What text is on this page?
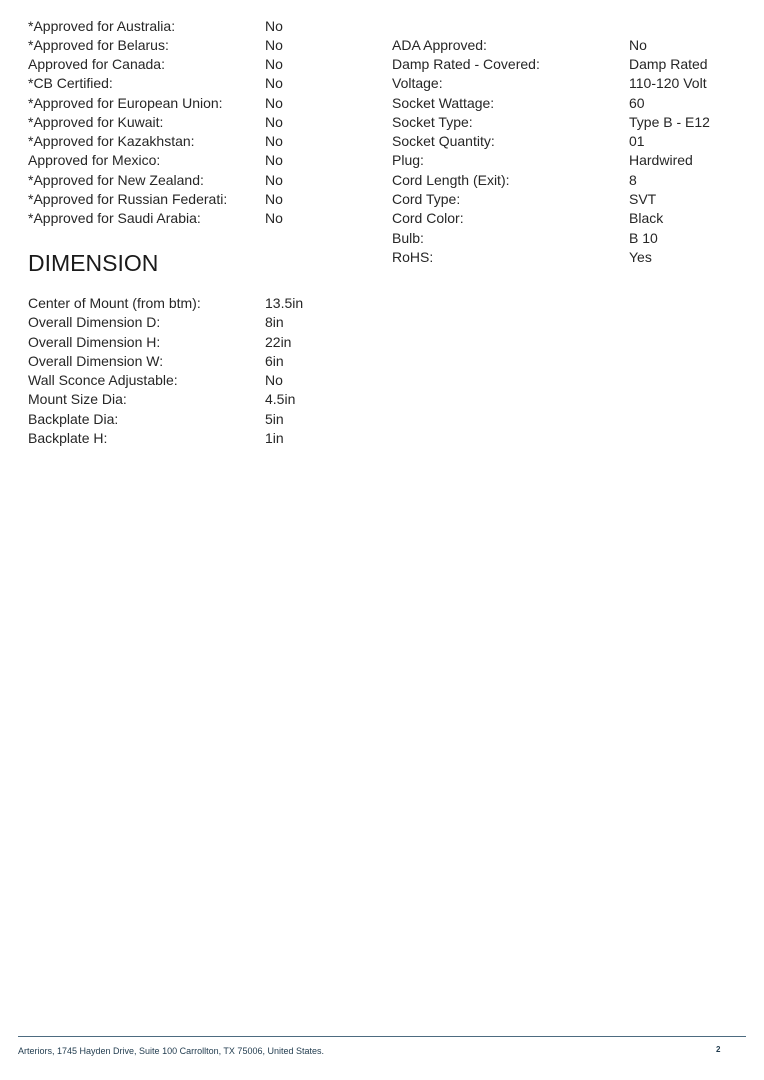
*Approved for Australia:	No
*Approved for Belarus:	No
Approved for Canada:	No
*CB Certified:	No
*Approved for European Union:	No
*Approved for Kuwait:	No
*Approved for Kazakhstan:	No
Approved for Mexico:	No
*Approved for New Zealand:	No
*Approved for Russian Federati:	No
*Approved for Saudi Arabia:	No
ADA Approved:	No
Damp Rated - Covered:	Damp Rated
Voltage:	110-120 Volt
Socket Wattage:	60
Socket Type:	Type B - E12
Socket Quantity:	01
Plug:	Hardwired
Cord Length (Exit):	8
Cord Type:	SVT
Cord Color:	Black
Bulb:	B 10
RoHS:	Yes
DIMENSION
Center of Mount (from btm):	13.5in
Overall Dimension D:	8in
Overall Dimension H:	22in
Overall Dimension W:	6in
Wall Sconce Adjustable:	No
Mount Size Dia:	4.5in
Backplate Dia:	5in
Backplate H:	1in
Arteriors, 1745 Hayden Drive, Suite 100 Carrollton, TX 75006, United States.	2
